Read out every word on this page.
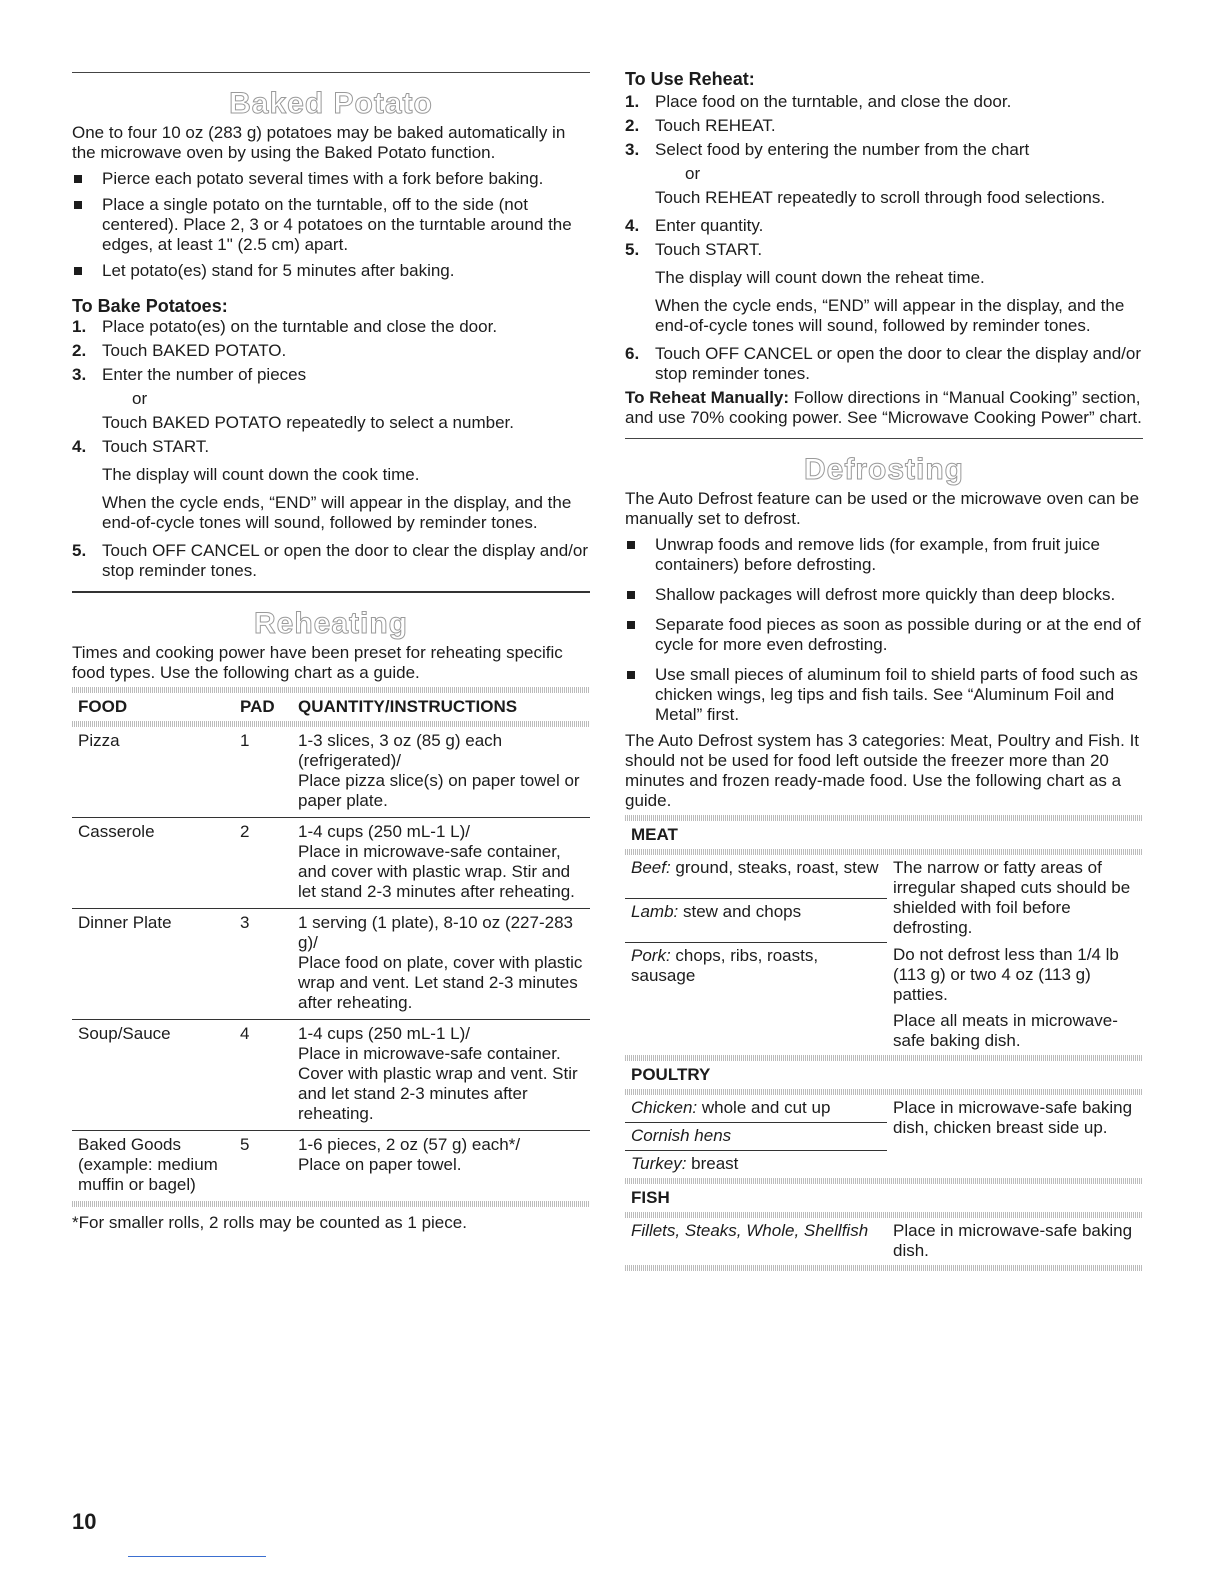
Baked Potato

One to four 10 oz (283 g) potatoes may be baked automatically in the microwave oven by using the Baked Potato function.

Pierce each potato several times with a fork before baking.
Place a single potato on the turntable, off to the side (not centered). Place 2, 3 or 4 potatoes on the turntable around the edges, at least 1" (2.5 cm) apart.
Let potato(es) stand for 5 minutes after baking.
To Bake Potatoes:
1. Place potato(es) on the turntable and close the door.
2. Touch BAKED POTATO.
3. Enter the number of pieces
or
Touch BAKED POTATO repeatedly to select a number.
4. Touch START.
The display will count down the cook time.
When the cycle ends, “END” will appear in the display, and the end-of-cycle tones will sound, followed by reminder tones.
5. Touch OFF CANCEL or open the door to clear the display and/or stop reminder tones.
Reheating

Times and cooking power have been preset for reheating specific food types. Use the following chart as a guide.

FOOD	PAD	QUANTITY/INSTRUCTIONS

Pizza	1	1-3 slices, 3 oz (85 g) each (refrigerated)/
Place pizza slice(s) on paper towel or paper plate.

Casserole	2	1-4 cups (250 mL-1 L)/
Place in microwave-safe container, and cover with plastic wrap. Stir and let stand 2-3 minutes after reheating.

Dinner Plate	3	1 serving (1 plate), 8-10 oz (227-283 g)/
Place food on plate, cover with plastic wrap and vent. Let stand 2-3 minutes after reheating.

Soup/Sauce	4	1-4 cups (250 mL-1 L)/
Place in microwave-safe container. Cover with plastic wrap and vent. Stir and let stand 2-3 minutes after reheating.

Baked Goods (example: medium muffin or bagel)	5	1-6 pieces, 2 oz (57 g) each*/
Place on paper towel.

*For smaller rolls, 2 rolls may be counted as 1 piece.

To Use Reheat:
1. Place food on the turntable, and close the door.
2. Touch REHEAT.
3. Select food by entering the number from the chart
or
Touch REHEAT repeatedly to scroll through food selections.
4. Enter quantity.
5. Touch START.
The display will count down the reheat time.
When the cycle ends, “END” will appear in the display, and the end-of-cycle tones will sound, followed by reminder tones.
6. Touch OFF CANCEL or open the door to clear the display and/or stop reminder tones.

To Reheat Manually: Follow directions in “Manual Cooking” section, and use 70% cooking power. See “Microwave Cooking Power” chart.

Defrosting

The Auto Defrost feature can be used or the microwave oven can be manually set to defrost.

Unwrap foods and remove lids (for example, from fruit juice containers) before defrosting.
Shallow packages will defrost more quickly than deep blocks.
Separate food pieces as soon as possible during or at the end of cycle for more even defrosting.
Use small pieces of aluminum foil to shield parts of food such as chicken wings, leg tips and fish tails. See “Aluminum Foil and Metal” first.

The Auto Defrost system has 3 categories: Meat, Poultry and Fish. It should not be used for food left outside the freezer more than 20 minutes and frozen ready-made food. Use the following chart as a guide.

MEAT
Beef: ground, steaks, roast, stew	The narrow or fatty areas of irregular shaped cuts should be shielded with foil before defrosting.
Lamb: stew and chops	
Pork: chops, ribs, roasts, sausage	Do not defrost less than 1/4 lb (113 g) or two 4 oz (113 g) patties.
Place all meats in microwave-safe baking dish.
POULTRY
Chicken: whole and cut up	Place in microwave-safe baking dish, chicken breast side up.
Cornish hens
Turkey: breast
FISH
Fillets, Steaks, Whole, Shellfish	Place in microwave-safe baking dish.
10
